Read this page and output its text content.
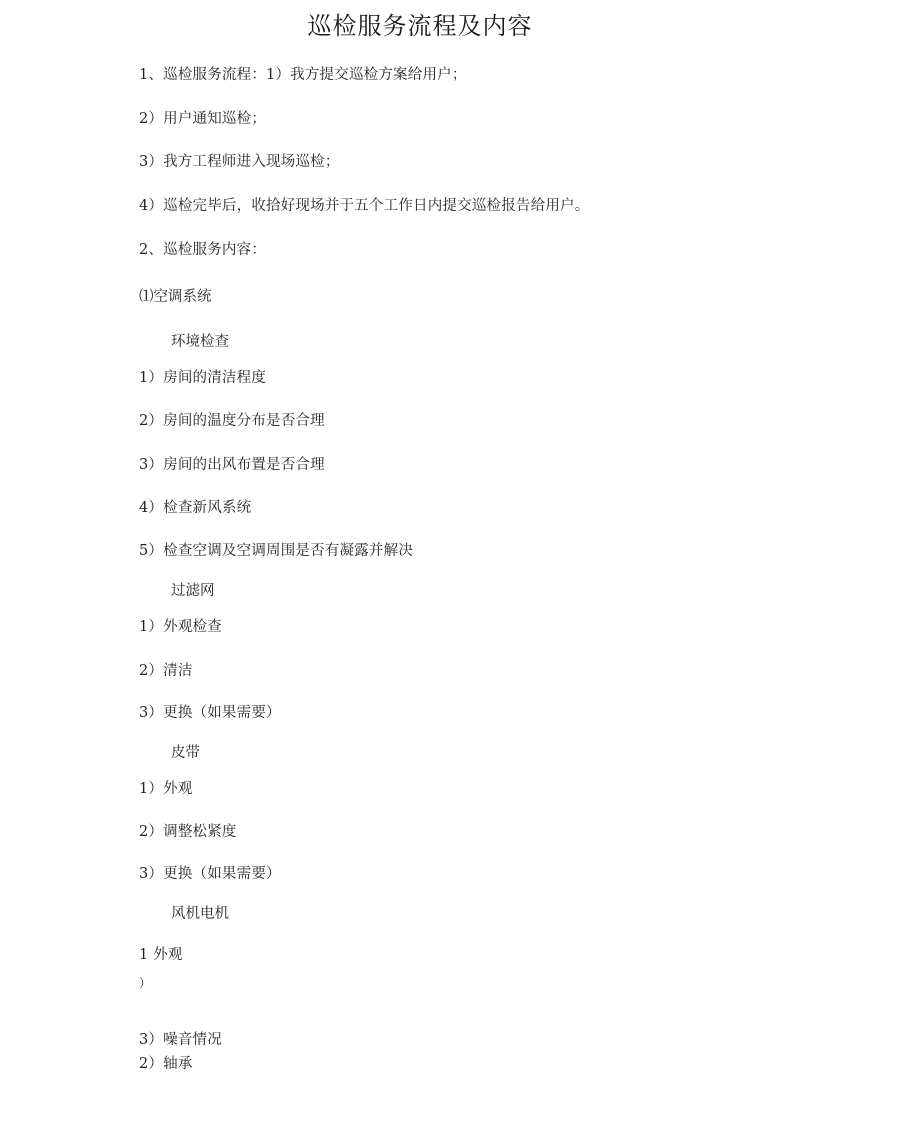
巡检服务流程及内容
1、巡检服务流程：1）我方提交巡检方案给用户；
2）用户通知巡检；
3）我方工程师进入现场巡检；
4）巡检完毕后，收拾好现场并于五个工作日内提交巡检报告给用户。
2、巡检服务内容：
⑴空调系统
环境检查
1）房间的清洁程度
2）房间的温度分布是否合理
3）房间的出风布置是否合理
4）检查新风系统
5）检查空调及空调周围是否有凝露并解决
过滤网
1）外观检查
2）清洁
3）更换（如果需要）
皮带
1）外观
2）调整松紧度
3）更换（如果需要）
风机电机
1 外观
）
3）噪音情况
2）轴承
